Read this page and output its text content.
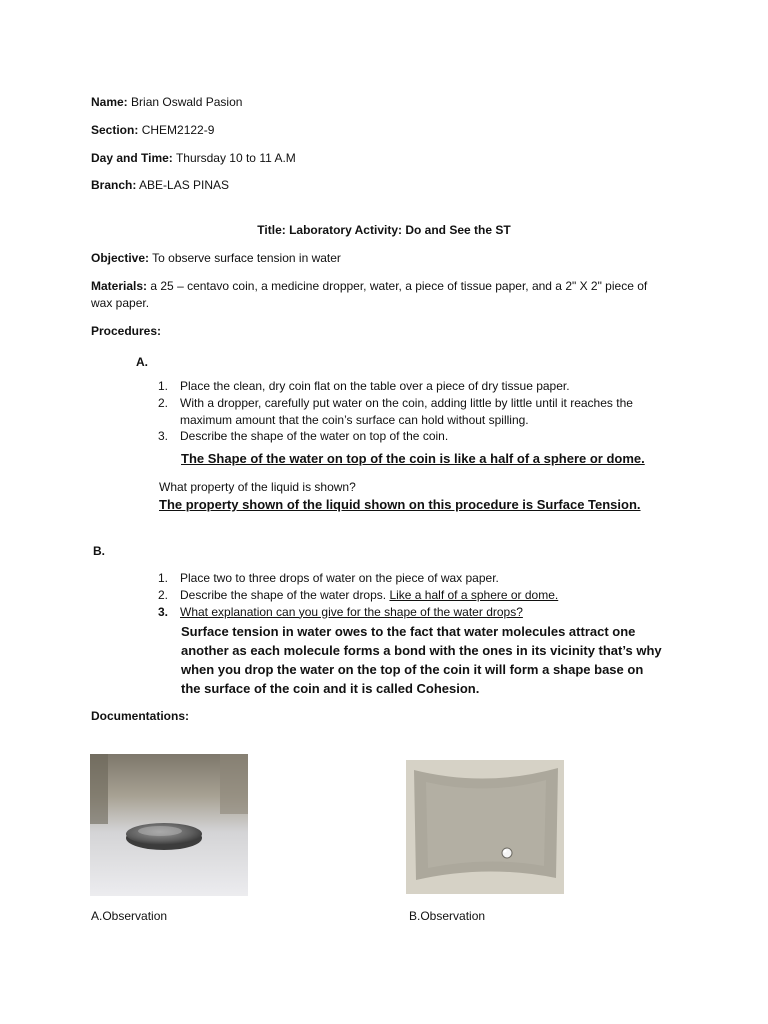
Name: Brian Oswald Pasion
Section: CHEM2122-9
Day and Time: Thursday 10 to 11 A.M
Branch: ABE-LAS PINAS
Title: Laboratory Activity: Do and See the ST
Objective: To observe surface tension in water
Materials: a 25 – centavo coin, a medicine dropper, water, a piece of tissue paper, and a 2" X 2" piece of
wax paper.
Procedures:
A.
1. Place the clean, dry coin flat on the table over a piece of dry tissue paper.
2. With a dropper, carefully put water on the coin, adding little by little until it reaches the
maximum amount that the coin’s surface can hold without spilling.
3. Describe the shape of the water on top of the coin.
The Shape of the water on top of the coin is like a half of a sphere or dome.
What property of the liquid is shown?
The property shown of the liquid shown on this procedure is Surface Tension.
B.
1. Place two to three drops of water on the piece of wax paper.
2. Describe the shape of the water drops. Like a half of a sphere or dome.
3. What explanation can you give for the shape of the water drops?
Surface tension in water owes to the fact that water molecules attract one
another as each molecule forms a bond with the ones in its vicinity that’s why
when you drop the water on the top of the coin it will form a shape base on
the surface of the coin and it is called Cohesion.
Documentations:
A.Observation	B.Observation
